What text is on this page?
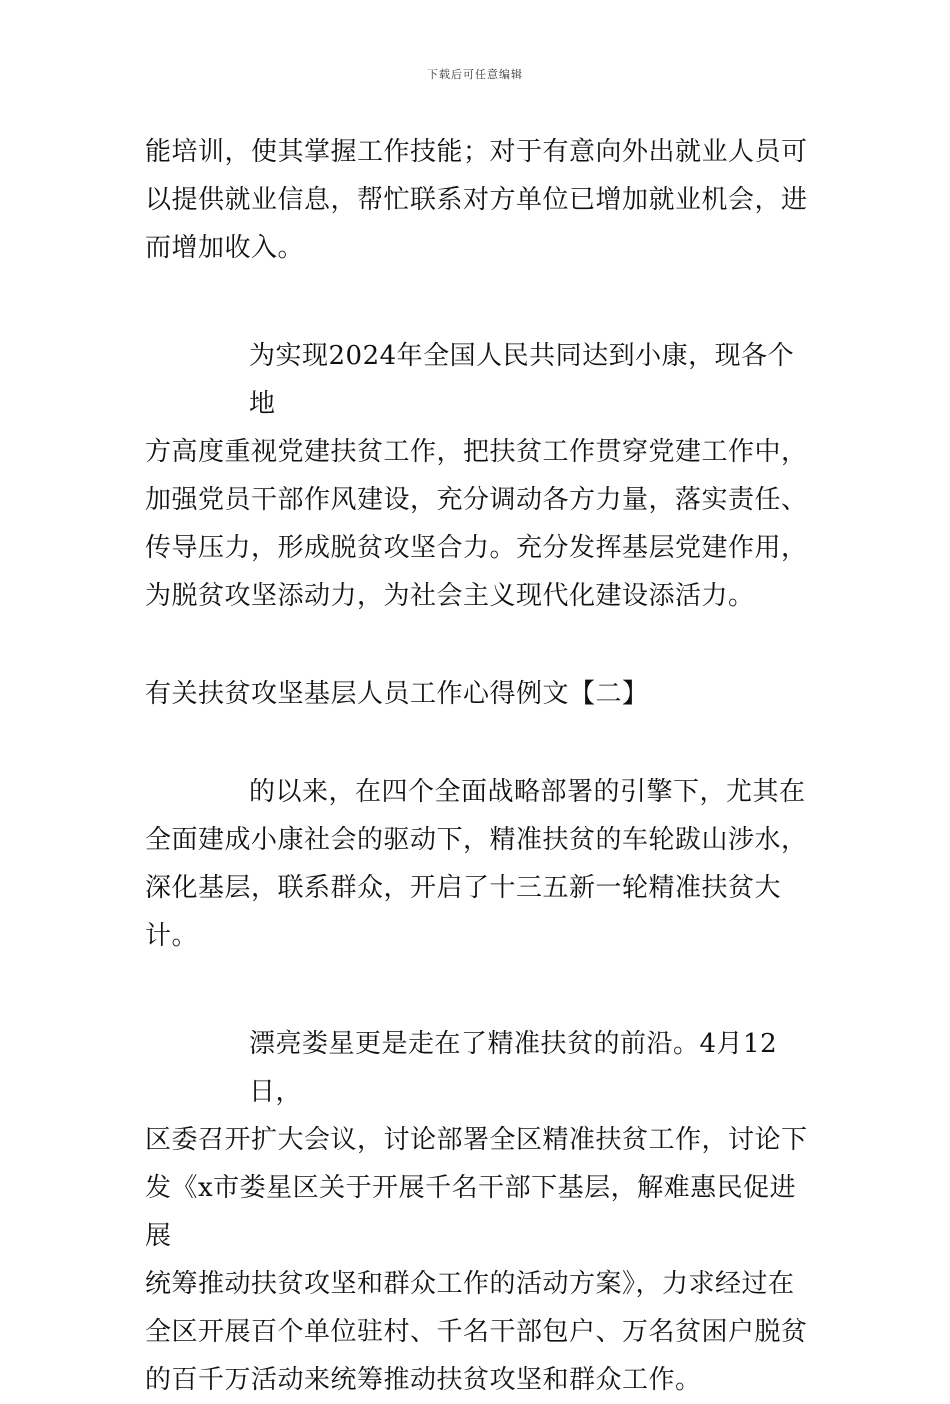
下载后可任意编辑

能培训，使其掌握工作技能；对于有意向外出就业人员可

以提供就业信息，帮忙联系对方单位已增加就业机会，进

而增加收入。

为实现2024年全国人民共同达到小康，现各个地

方高度重视党建扶贫工作，把扶贫工作贯穿党建工作中，

加强党员干部作风建设，充分调动各方力量，落实责任、

传导压力，形成脱贫攻坚合力。充分发挥基层党建作用，

为脱贫攻坚添动力，为社会主义现代化建设添活力。

有关扶贫攻坚基层人员工作心得例文【二】

的以来，在四个全面战略部署的引擎下，尤其在

全面建成小康社会的驱动下，精准扶贫的车轮跋山涉水，

深化基层，联系群众，开启了十三五新一轮精准扶贫大计。

漂亮娄星更是走在了精准扶贫的前沿。4月12日，

区委召开扩大会议，讨论部署全区精准扶贫工作，讨论下

发《x市娄星区关于开展千名干部下基层，解难惠民促进展

统筹推动扶贫攻坚和群众工作的活动方案》，力求经过在

全区开展百个单位驻村、千名干部包户、万名贫困户脱贫

的百千万活动来统筹推动扶贫攻坚和群众工作。
